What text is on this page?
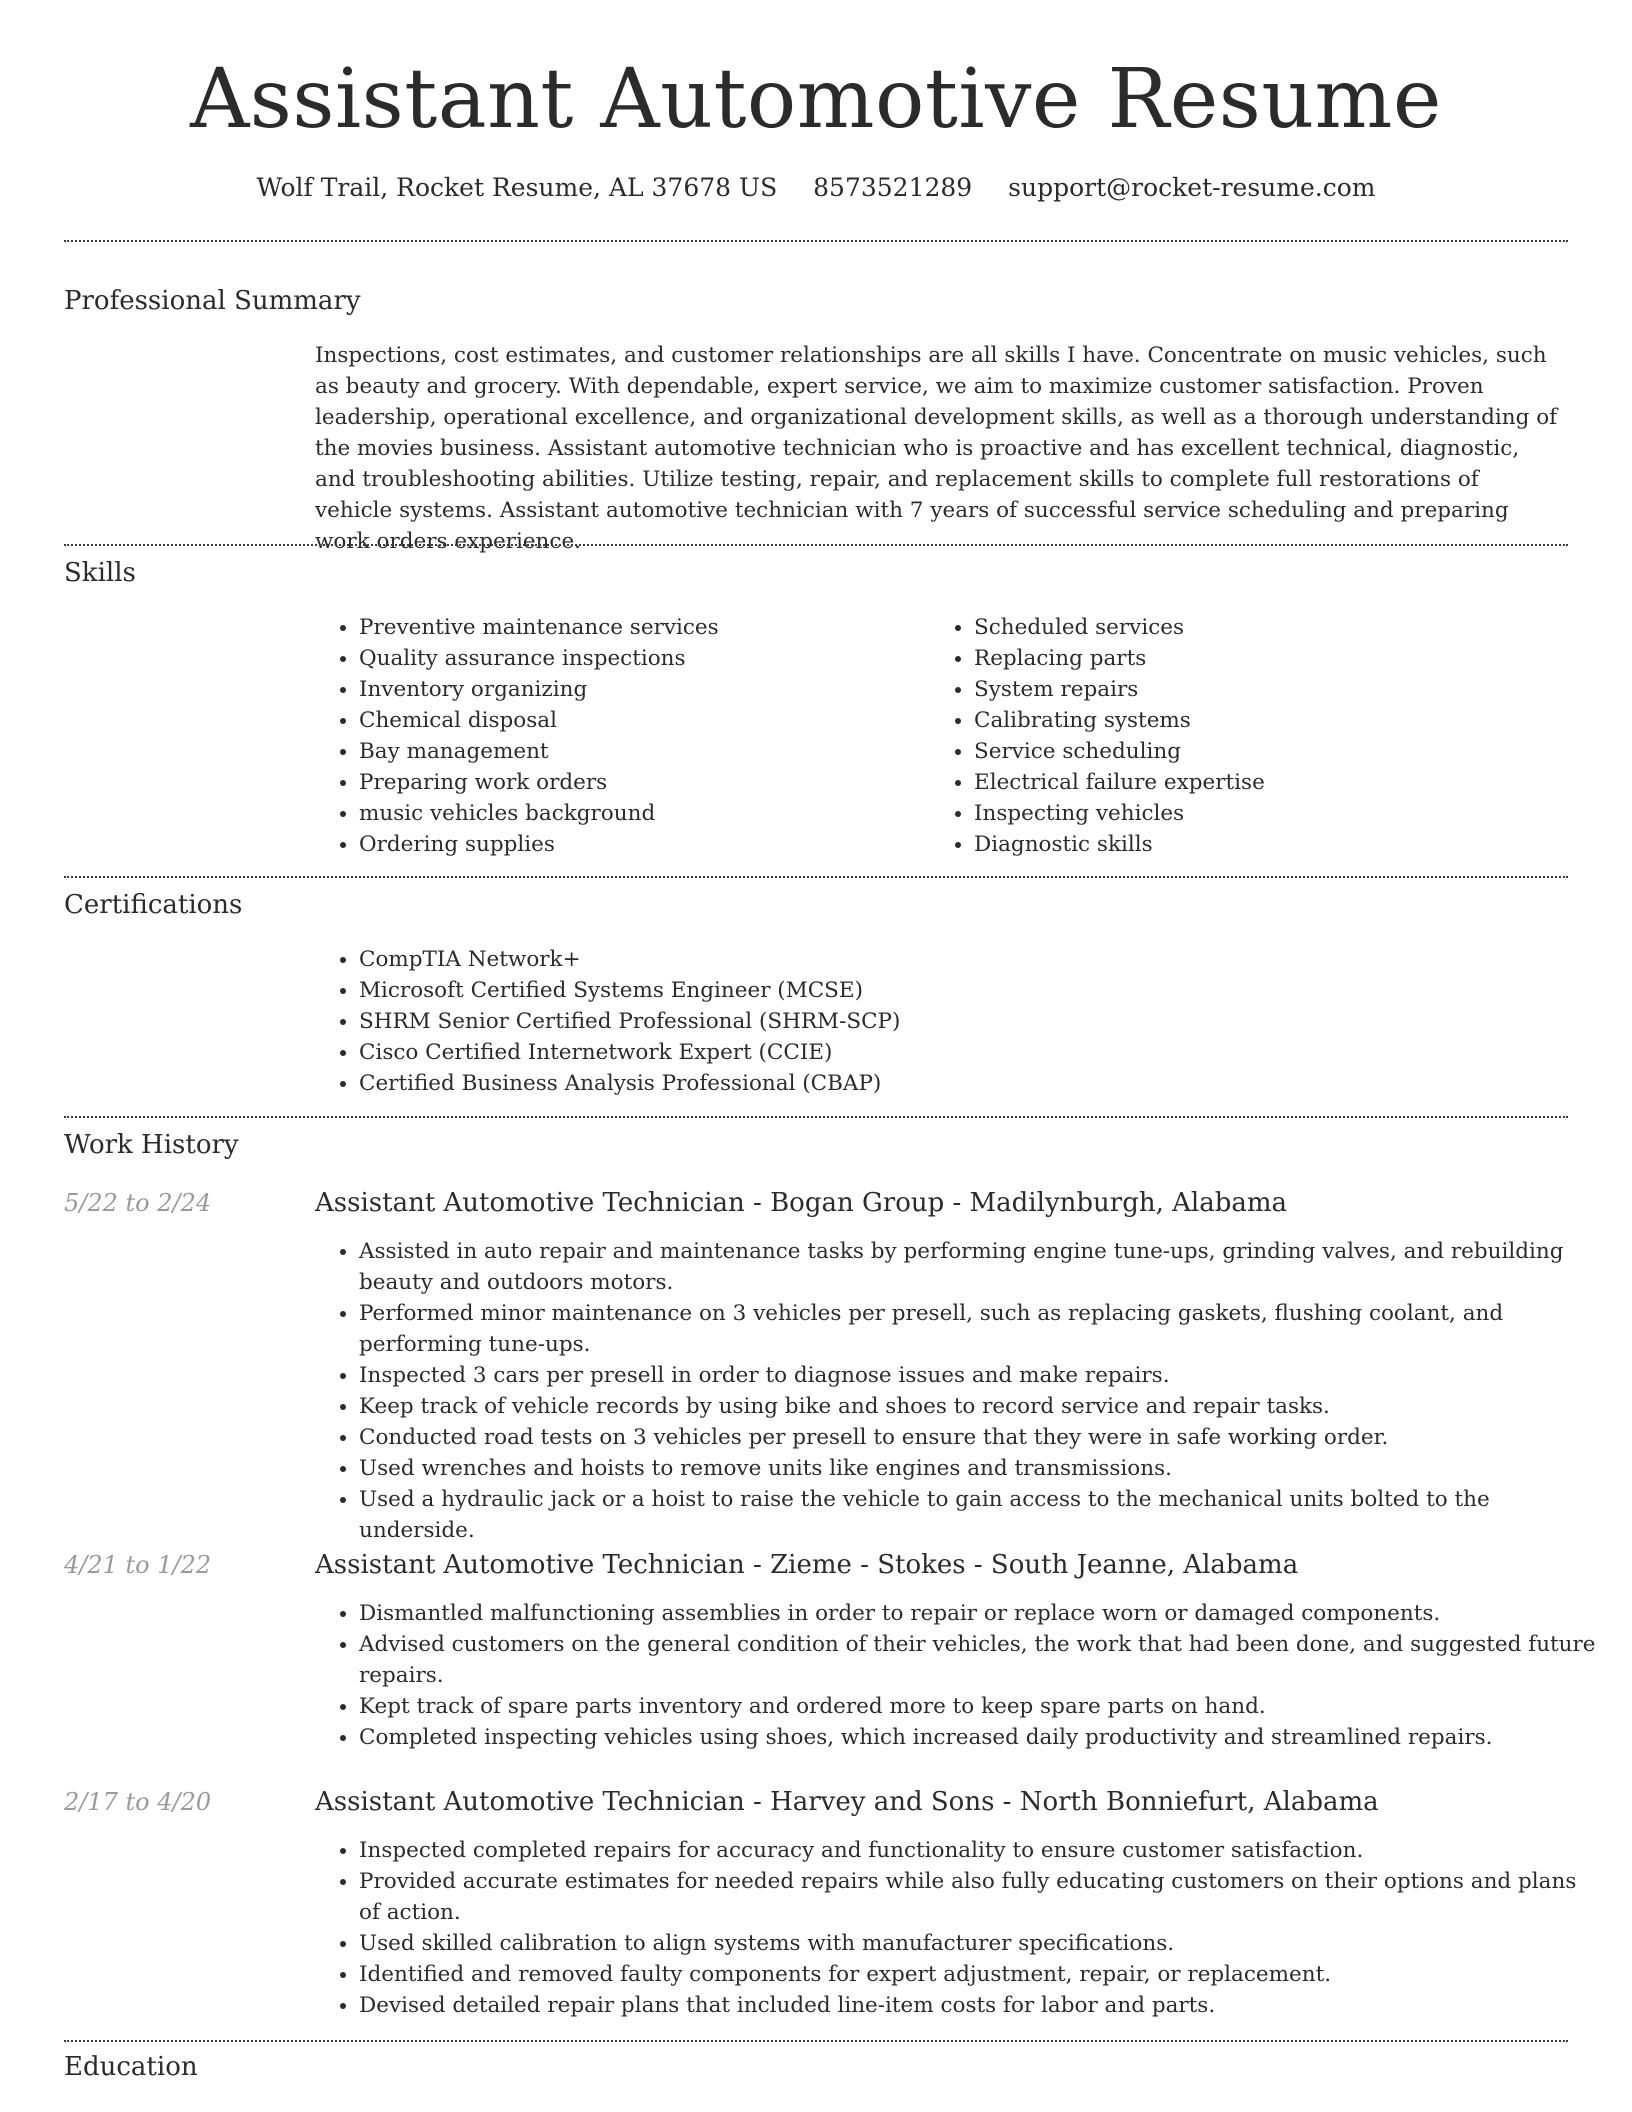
Assistant Automotive Resume
Wolf Trail, Rocket Resume, AL 37678 US 8573521289 support@rocket-resume.com
Professional Summary

Inspections, cost estimates, and customer relationships are all skills I have. Concentrate on music vehicles, such as beauty and grocery. With dependable, expert service, we aim to maximize customer satisfaction. Proven leadership, operational excellence, and organizational development skills, as well as a thorough understanding of the movies business. Assistant automotive technician who is proactive and has excellent technical, diagnostic, and troubleshooting abilities. Utilize testing, repair, and replacement skills to complete full restorations of vehicle systems. Assistant automotive technician with 7 years of successful service scheduling and preparing work orders experience.

Skills
• Preventive maintenance services
• Quality assurance inspections
• Inventory organizing
• Chemical disposal
• Bay management
• Preparing work orders
• music vehicles background
• Ordering supplies
• Scheduled services
• Replacing parts
• System repairs
• Calibrating systems
• Service scheduling
• Electrical failure expertise
• Inspecting vehicles
• Diagnostic skills
Certifications
• CompTIA Network+
• Microsoft Certified Systems Engineer (MCSE)
• SHRM Senior Certified Professional (SHRM-SCP)
• Cisco Certified Internetwork Expert (CCIE)
• Certified Business Analysis Professional (CBAP)
Work History
5/22 to 2/24	Assistant Automotive Technician - Bogan Group - Madilynburgh, Alabama
• Assisted in auto repair and maintenance tasks by performing engine tune-ups, grinding valves, and rebuilding beauty and outdoors motors.
• Performed minor maintenance on 3 vehicles per presell, such as replacing gaskets, flushing coolant, and performing tune-ups.
• Inspected 3 cars per presell in order to diagnose issues and make repairs.
• Keep track of vehicle records by using bike and shoes to record service and repair tasks.
• Conducted road tests on 3 vehicles per presell to ensure that they were in safe working order.
• Used wrenches and hoists to remove units like engines and transmissions.
• Used a hydraulic jack or a hoist to raise the vehicle to gain access to the mechanical units bolted to the underside.
4/21 to 1/22	Assistant Automotive Technician - Zieme - Stokes - South Jeanne, Alabama
• Dismantled malfunctioning assemblies in order to repair or replace worn or damaged components.
• Advised customers on the general condition of their vehicles, the work that had been done, and suggested future repairs.
• Kept track of spare parts inventory and ordered more to keep spare parts on hand.
• Completed inspecting vehicles using shoes, which increased daily productivity and streamlined repairs.
2/17 to 4/20	Assistant Automotive Technician - Harvey and Sons - North Bonniefurt, Alabama
• Inspected completed repairs for accuracy and functionality to ensure customer satisfaction.
• Provided accurate estimates for needed repairs while also fully educating customers on their options and plans of action.
• Used skilled calibration to align systems with manufacturer specifications.
• Identified and removed faulty components for expert adjustment, repair, or replacement.
• Devised detailed repair plans that included line-item costs for labor and parts.
Education
